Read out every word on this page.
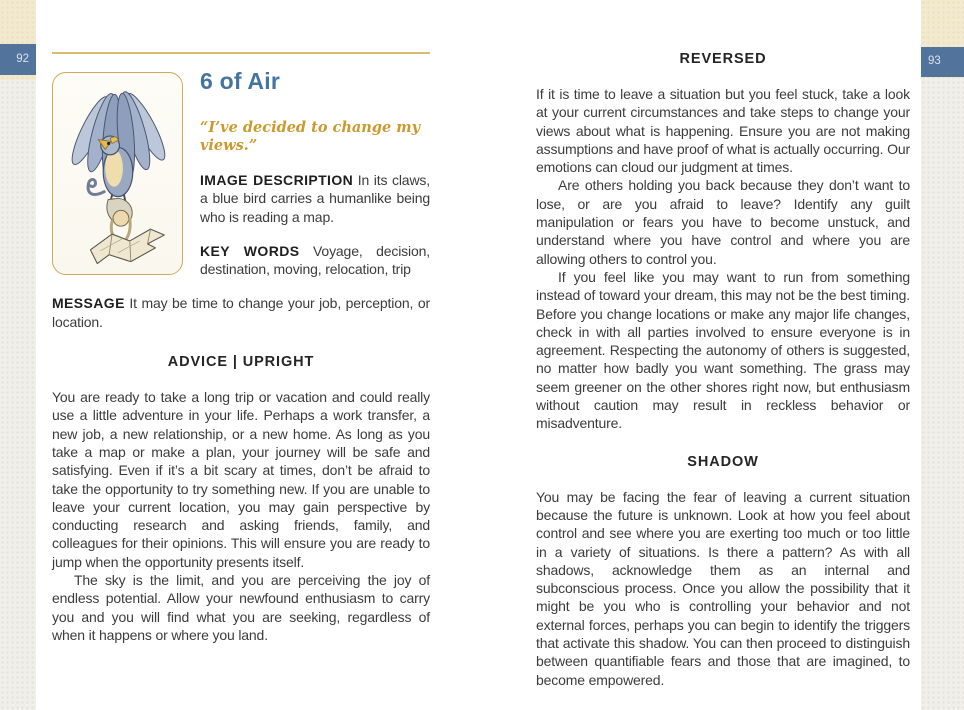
92	93
6 of Air

“I’ve decided to change my views.”

IMAGE DESCRIPTION In its claws, a blue bird carries a humanlike being who is reading a map.

KEY WORDS Voyage, decision, destination, moving, relocation, trip

MESSAGE It may be time to change your job, perception, or location.

ADVICE | UPRIGHT

You are ready to take a long trip or vacation and could really use a little adventure in your life. Perhaps a work transfer, a new job, a new relationship, or a new home. As long as you take a map or make a plan, your journey will be safe and satisfying. Even if it’s a bit scary at times, don’t be afraid to take the opportunity to try something new. If you are unable to leave your current location, you may gain perspective by conducting research and asking friends, family, and colleagues for their opinions. This will ensure you are ready to jump when the opportunity presents itself.

The sky is the limit, and you are perceiving the joy of endless potential. Allow your newfound enthusiasm to carry you and you will find what you are seeking, regardless of when it happens or where you land.

REVERSED

If it is time to leave a situation but you feel stuck, take a look at your current circumstances and take steps to change your views about what is happening. Ensure you are not making assumptions and have proof of what is actually occurring. Our emotions can cloud our judgment at times.

Are others holding you back because they don’t want to lose, or are you afraid to leave? Identify any guilt manipulation or fears you have to become unstuck, and understand where you have control and where you are allowing others to control you.

If you feel like you may want to run from something instead of toward your dream, this may not be the best timing. Before you change locations or make any major life changes, check in with all parties involved to ensure everyone is in agreement. Respecting the autonomy of others is suggested, no matter how badly you want something. The grass may seem greener on the other shores right now, but enthusiasm without caution may result in reckless behavior or misadventure.

SHADOW

You may be facing the fear of leaving a current situation because the future is unknown. Look at how you feel about control and see where you are exerting too much or too little in a variety of situations. Is there a pattern? As with all shadows, acknowledge them as an internal and subconscious process. Once you allow the possibility that it might be you who is controlling your behavior and not external forces, perhaps you can begin to identify the triggers that activate this shadow. You can then proceed to distinguish between quantifiable fears and those that are imagined, to become empowered.
